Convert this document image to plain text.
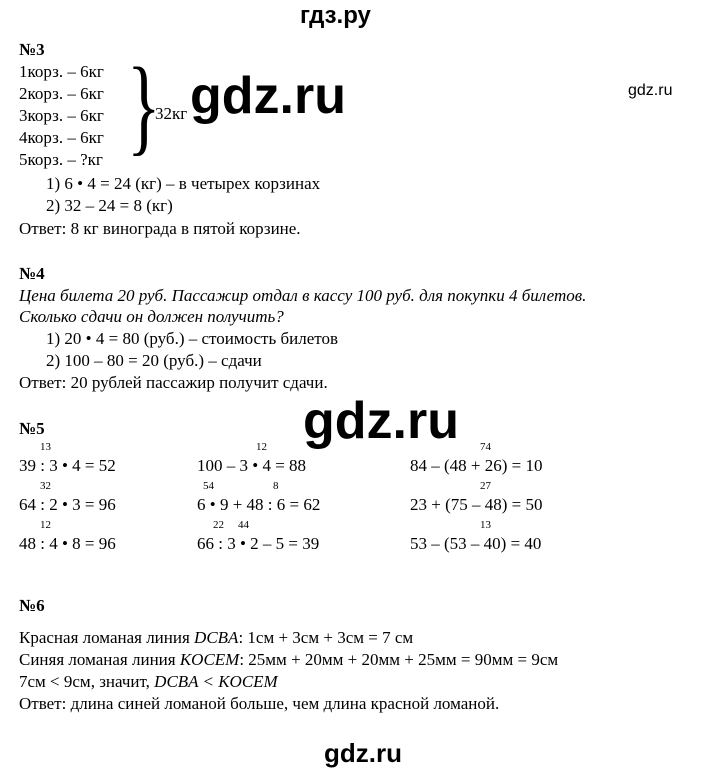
гдз.ру
gdz.ru	gdz.ru
gdz.ru
gdz.ru
№3
1корз. – 6кг
2корз. – 6кг
3корз. – 6кг
4корз. – 6кг
5корз. – ?кг }
32кг
1) 6 • 4 = 24 (кг) – в четырех корзинах
2) 32 – 24 = 8 (кг)
Ответ: 8 кг винограда в пятой корзине.
№4
Цена билета 20 руб. Пассажир отдал в кассу 100 руб. для покупки 4 билетов.
Сколько сдачи он должен получить?
1) 20 • 4 = 80 (руб.) – стоимость билетов
2) 100 – 80 = 20 (руб.) – сдачи
Ответ: 20 рублей пассажир получит сдачи.
№5
13
39 : 3 • 4 = 52
32
64 : 2 • 3 = 96
12
48 : 4 • 8 = 96
12
100 – 3 • 4 = 88
54	8
6 • 9 + 48 : 6 = 62
22 44
66 : 3 • 2 – 5 = 39
74
84 – (48 + 26) = 10
27
23 + (75 – 48) = 50
13
53 – (53 – 40) = 40
№6
Красная ломаная линия DCBA: 1см + 3см + 3см = 7 см
Синяя ломаная линия KOCEM: 25мм + 20мм + 20мм + 25мм = 90мм = 9см
7см < 9см, значит, DCBA < KOCEM
Ответ: длина синей ломаной больше, чем длина красной ломаной.
